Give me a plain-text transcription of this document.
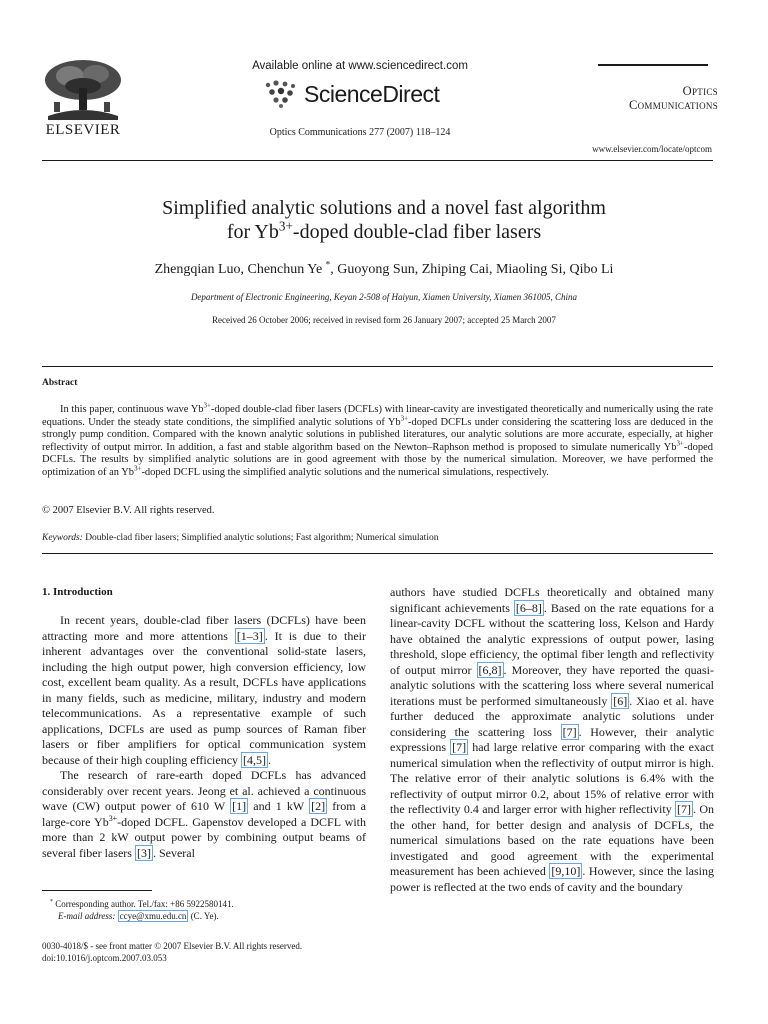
ELSEVIER
Available online at www.sciencedirect.com
ScienceDirect
Optics Communications 277 (2007) 118–124
Optics
Communications
www.elsevier.com/locate/optcom
Simplified analytic solutions and a novel fast algorithm
for $Yb^{3+}$-doped double-clad fiber lasers
Zhengqian Luo, Chenchun Ye *, Guoyong Sun, Zhiping Cai, Miaoling Si, Qibo Li
Department of Electronic Engineering, Keyan 2-508 of Haiyun, Xiamen University, Xiamen 361005, China
Received 26 October 2006; received in revised form 26 January 2007; accepted 25 March 2007
Abstract

In this paper, continuous wave $Yb^{3+}$-doped double-clad fiber lasers (DCFLs) with linear-cavity are investigated theoretically and numerically using the rate equations. Under the steady state conditions, the simplified analytic solutions of $Yb^{3+}$-doped DCFLs under considering the scattering loss are deduced in the strongly pump condition. Compared with the known analytic solutions in published literatures, our analytic solutions are more accurate, especially, at higher reflectivity of output mirror. In addition, a fast and stable algorithm based on the Newton–Raphson method is proposed to simulate numerically $Yb^{3+}$-doped DCFLs. The results by simplified analytic solutions are in good agreement with those by the numerical simulation. Moreover, we have performed the optimization of an $Yb^{3+}$-doped DCFL using the simplified analytic solutions and the numerical simulations, respectively.

© 2007 Elsevier B.V. All rights reserved.
Keywords: Double-clad fiber lasers; Simplified analytic solutions; Fast algorithm; Numerical simulation
1. Introduction

In recent years, double-clad fiber lasers (DCFLs) have been attracting more and more attentions [1–3] . It is due to their inherent advantages over the conventional solid-state lasers, including the high output power, high conversion efficiency, low cost, excellent beam quality. As a result, DCFLs have applications in many fields, such as medicine, military, industry and modern telecommunications. As a representative example of such applications, DCFLs are used as pump sources of Raman fiber lasers or fiber amplifiers for optical communication system because of their high coupling efficiency [4,5] .

The research of rare-earth doped DCFLs has advanced considerably over recent years. Jeong et al. achieved a continuous wave (CW) output power of 610 W [1] and 1 kW [2] from a large-core $Yb^{3+}$-doped DCFL. Gapenstov developed a DCFL with more than 2 kW output power by combining output beams of several fiber lasers [3] . Several

authors have studied DCFLs theoretically and obtained many significant achievements [6–8] . Based on the rate equations for a linear-cavity DCFL without the scattering loss, Kelson and Hardy have obtained the analytic expressions of output power, lasing threshold, slope efficiency, the optimal fiber length and reflectivity of output mirror [6,8] . Moreover, they have reported the quasi-analytic solutions with the scattering loss where several numerical iterations must be performed simultaneously [6] . Xiao et al. have further deduced the approximate analytic solutions under considering the scattering loss [7] . However, their analytic expressions [7] had large relative error comparing with the exact numerical simulation when the reflectivity of output mirror is high. The relative error of their analytic solutions is 6.4% with the reflectivity of output mirror 0.2, about 15% of relative error with the reflectivity 0.4 and larger error with higher reflectivity [7] . On the other hand, for better design and analysis of DCFLs, the numerical simulations based on the rate equations have been investigated and good agreement with the experimental measurement has been achieved [9,10] . However, since the lasing power is reflected at the two ends of cavity and the boundary

* Corresponding author. Tel./fax: +86 5922580141.
E-mail address: ccye@xmu.edu.cn (C. Ye).
0030-4018/$ - see front matter © 2007 Elsevier B.V. All rights reserved.
doi:10.1016/j.optcom.2007.03.053
